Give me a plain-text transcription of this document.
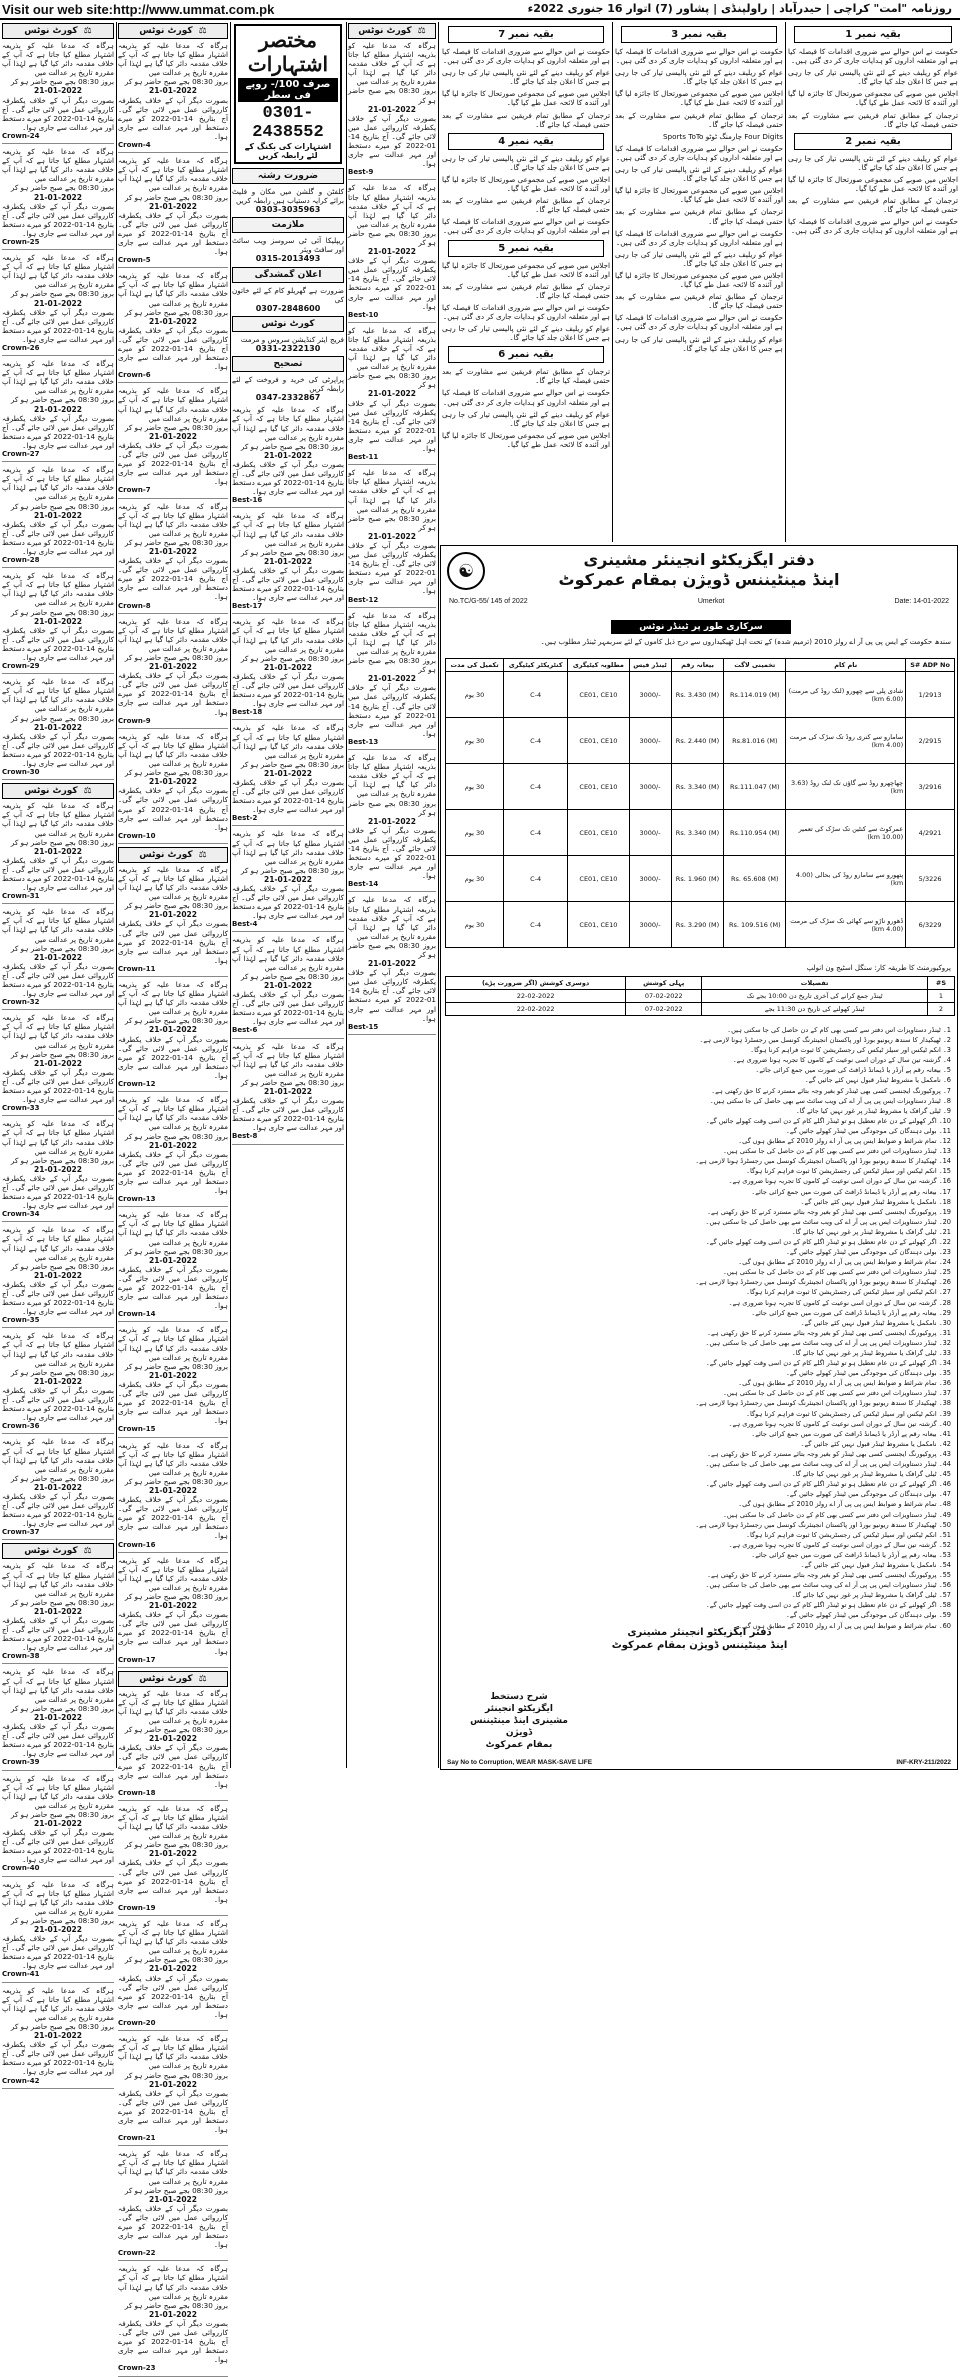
Visit our web site:http://www.ummat.com.pk	روزنامہ "امت" کراچی | حیدرآباد | راولپنڈی | پشاور (7) اتوار 16 جنوری 2022ء
⚖
کورٹ نوٹس
ہرگاہ کہ مدعا علیہ کو بذریعہ اشتہار مطلع کیا جاتا ہے کہ آپ کے خلاف مقدمہ دائر کیا گیا ہے لہٰذا آپ مقررہ تاریخ پر عدالت میں
بروز 08:30 بجے صبح حاضر ہو کر
21-01-2022
بصورت دیگر آپ کے خلاف یکطرفہ کارروائی عمل میں لائی جائے گی۔ آج بتاریخ 14-01-2022 کو میرے دستخط اور مہر عدالت سے جاری ہوا۔
Crown-24
ہرگاہ کہ مدعا علیہ کو بذریعہ اشتہار مطلع کیا جاتا ہے کہ آپ کے خلاف مقدمہ دائر کیا گیا ہے لہٰذا آپ مقررہ تاریخ پر عدالت میں
بروز 08:30 بجے صبح حاضر ہو کر
21-01-2022
بصورت دیگر آپ کے خلاف یکطرفہ کارروائی عمل میں لائی جائے گی۔ آج بتاریخ 14-01-2022 کو میرے دستخط اور مہر عدالت سے جاری ہوا۔
Crown-25
ہرگاہ کہ مدعا علیہ کو بذریعہ اشتہار مطلع کیا جاتا ہے کہ آپ کے خلاف مقدمہ دائر کیا گیا ہے لہٰذا آپ مقررہ تاریخ پر عدالت میں
بروز 08:30 بجے صبح حاضر ہو کر
21-01-2022
بصورت دیگر آپ کے خلاف یکطرفہ کارروائی عمل میں لائی جائے گی۔ آج بتاریخ 14-01-2022 کو میرے دستخط اور مہر عدالت سے جاری ہوا۔
Crown-26
ہرگاہ کہ مدعا علیہ کو بذریعہ اشتہار مطلع کیا جاتا ہے کہ آپ کے خلاف مقدمہ دائر کیا گیا ہے لہٰذا آپ مقررہ تاریخ پر عدالت میں
بروز 08:30 بجے صبح حاضر ہو کر
21-01-2022
بصورت دیگر آپ کے خلاف یکطرفہ کارروائی عمل میں لائی جائے گی۔ آج بتاریخ 14-01-2022 کو میرے دستخط اور مہر عدالت سے جاری ہوا۔
Crown-27
ہرگاہ کہ مدعا علیہ کو بذریعہ اشتہار مطلع کیا جاتا ہے کہ آپ کے خلاف مقدمہ دائر کیا گیا ہے لہٰذا آپ مقررہ تاریخ پر عدالت میں
بروز 08:30 بجے صبح حاضر ہو کر
21-01-2022
بصورت دیگر آپ کے خلاف یکطرفہ کارروائی عمل میں لائی جائے گی۔ آج بتاریخ 14-01-2022 کو میرے دستخط اور مہر عدالت سے جاری ہوا۔
Crown-28
ہرگاہ کہ مدعا علیہ کو بذریعہ اشتہار مطلع کیا جاتا ہے کہ آپ کے خلاف مقدمہ دائر کیا گیا ہے لہٰذا آپ مقررہ تاریخ پر عدالت میں
بروز 08:30 بجے صبح حاضر ہو کر
21-01-2022
بصورت دیگر آپ کے خلاف یکطرفہ کارروائی عمل میں لائی جائے گی۔ آج بتاریخ 14-01-2022 کو میرے دستخط اور مہر عدالت سے جاری ہوا۔
Crown-29
ہرگاہ کہ مدعا علیہ کو بذریعہ اشتہار مطلع کیا جاتا ہے کہ آپ کے خلاف مقدمہ دائر کیا گیا ہے لہٰذا آپ مقررہ تاریخ پر عدالت میں
بروز 08:30 بجے صبح حاضر ہو کر
21-01-2022
بصورت دیگر آپ کے خلاف یکطرفہ کارروائی عمل میں لائی جائے گی۔ آج بتاریخ 14-01-2022 کو میرے دستخط اور مہر عدالت سے جاری ہوا۔
Crown-30
⚖
کورٹ نوٹس
ہرگاہ کہ مدعا علیہ کو بذریعہ اشتہار مطلع کیا جاتا ہے کہ آپ کے خلاف مقدمہ دائر کیا گیا ہے لہٰذا آپ مقررہ تاریخ پر عدالت میں
بروز 08:30 بجے صبح حاضر ہو کر
21-01-2022
بصورت دیگر آپ کے خلاف یکطرفہ کارروائی عمل میں لائی جائے گی۔ آج بتاریخ 14-01-2022 کو میرے دستخط اور مہر عدالت سے جاری ہوا۔
Crown-31
ہرگاہ کہ مدعا علیہ کو بذریعہ اشتہار مطلع کیا جاتا ہے کہ آپ کے خلاف مقدمہ دائر کیا گیا ہے لہٰذا آپ مقررہ تاریخ پر عدالت میں
بروز 08:30 بجے صبح حاضر ہو کر
21-01-2022
بصورت دیگر آپ کے خلاف یکطرفہ کارروائی عمل میں لائی جائے گی۔ آج بتاریخ 14-01-2022 کو میرے دستخط اور مہر عدالت سے جاری ہوا۔
Crown-32
ہرگاہ کہ مدعا علیہ کو بذریعہ اشتہار مطلع کیا جاتا ہے کہ آپ کے خلاف مقدمہ دائر کیا گیا ہے لہٰذا آپ مقررہ تاریخ پر عدالت میں
بروز 08:30 بجے صبح حاضر ہو کر
21-01-2022
بصورت دیگر آپ کے خلاف یکطرفہ کارروائی عمل میں لائی جائے گی۔ آج بتاریخ 14-01-2022 کو میرے دستخط اور مہر عدالت سے جاری ہوا۔
Crown-33
ہرگاہ کہ مدعا علیہ کو بذریعہ اشتہار مطلع کیا جاتا ہے کہ آپ کے خلاف مقدمہ دائر کیا گیا ہے لہٰذا آپ مقررہ تاریخ پر عدالت میں
بروز 08:30 بجے صبح حاضر ہو کر
21-01-2022
بصورت دیگر آپ کے خلاف یکطرفہ کارروائی عمل میں لائی جائے گی۔ آج بتاریخ 14-01-2022 کو میرے دستخط اور مہر عدالت سے جاری ہوا۔
Crown-34
ہرگاہ کہ مدعا علیہ کو بذریعہ اشتہار مطلع کیا جاتا ہے کہ آپ کے خلاف مقدمہ دائر کیا گیا ہے لہٰذا آپ مقررہ تاریخ پر عدالت میں
بروز 08:30 بجے صبح حاضر ہو کر
21-01-2022
بصورت دیگر آپ کے خلاف یکطرفہ کارروائی عمل میں لائی جائے گی۔ آج بتاریخ 14-01-2022 کو میرے دستخط اور مہر عدالت سے جاری ہوا۔
Crown-35
ہرگاہ کہ مدعا علیہ کو بذریعہ اشتہار مطلع کیا جاتا ہے کہ آپ کے خلاف مقدمہ دائر کیا گیا ہے لہٰذا آپ مقررہ تاریخ پر عدالت میں
بروز 08:30 بجے صبح حاضر ہو کر
21-01-2022
بصورت دیگر آپ کے خلاف یکطرفہ کارروائی عمل میں لائی جائے گی۔ آج بتاریخ 14-01-2022 کو میرے دستخط اور مہر عدالت سے جاری ہوا۔
Crown-36
ہرگاہ کہ مدعا علیہ کو بذریعہ اشتہار مطلع کیا جاتا ہے کہ آپ کے خلاف مقدمہ دائر کیا گیا ہے لہٰذا آپ مقررہ تاریخ پر عدالت میں
بروز 08:30 بجے صبح حاضر ہو کر
21-01-2022
بصورت دیگر آپ کے خلاف یکطرفہ کارروائی عمل میں لائی جائے گی۔ آج بتاریخ 14-01-2022 کو میرے دستخط اور مہر عدالت سے جاری ہوا۔
Crown-37
⚖
کورٹ نوٹس
ہرگاہ کہ مدعا علیہ کو بذریعہ اشتہار مطلع کیا جاتا ہے کہ آپ کے خلاف مقدمہ دائر کیا گیا ہے لہٰذا آپ مقررہ تاریخ پر عدالت میں
بروز 08:30 بجے صبح حاضر ہو کر
21-01-2022
بصورت دیگر آپ کے خلاف یکطرفہ کارروائی عمل میں لائی جائے گی۔ آج بتاریخ 14-01-2022 کو میرے دستخط اور مہر عدالت سے جاری ہوا۔
Crown-38
ہرگاہ کہ مدعا علیہ کو بذریعہ اشتہار مطلع کیا جاتا ہے کہ آپ کے خلاف مقدمہ دائر کیا گیا ہے لہٰذا آپ مقررہ تاریخ پر عدالت میں
بروز 08:30 بجے صبح حاضر ہو کر
21-01-2022
بصورت دیگر آپ کے خلاف یکطرفہ کارروائی عمل میں لائی جائے گی۔ آج بتاریخ 14-01-2022 کو میرے دستخط اور مہر عدالت سے جاری ہوا۔
Crown-39
ہرگاہ کہ مدعا علیہ کو بذریعہ اشتہار مطلع کیا جاتا ہے کہ آپ کے خلاف مقدمہ دائر کیا گیا ہے لہٰذا آپ مقررہ تاریخ پر عدالت میں
بروز 08:30 بجے صبح حاضر ہو کر
21-01-2022
بصورت دیگر آپ کے خلاف یکطرفہ کارروائی عمل میں لائی جائے گی۔ آج بتاریخ 14-01-2022 کو میرے دستخط اور مہر عدالت سے جاری ہوا۔
Crown-40
ہرگاہ کہ مدعا علیہ کو بذریعہ اشتہار مطلع کیا جاتا ہے کہ آپ کے خلاف مقدمہ دائر کیا گیا ہے لہٰذا آپ مقررہ تاریخ پر عدالت میں
بروز 08:30 بجے صبح حاضر ہو کر
21-01-2022
بصورت دیگر آپ کے خلاف یکطرفہ کارروائی عمل میں لائی جائے گی۔ آج بتاریخ 14-01-2022 کو میرے دستخط اور مہر عدالت سے جاری ہوا۔
Crown-41
ہرگاہ کہ مدعا علیہ کو بذریعہ اشتہار مطلع کیا جاتا ہے کہ آپ کے خلاف مقدمہ دائر کیا گیا ہے لہٰذا آپ مقررہ تاریخ پر عدالت میں
بروز 08:30 بجے صبح حاضر ہو کر
21-01-2022
بصورت دیگر آپ کے خلاف یکطرفہ کارروائی عمل میں لائی جائے گی۔ آج بتاریخ 14-01-2022 کو میرے دستخط اور مہر عدالت سے جاری ہوا۔
Crown-42
⚖
کورٹ نوٹس
ہرگاہ کہ مدعا علیہ کو بذریعہ اشتہار مطلع کیا جاتا ہے کہ آپ کے خلاف مقدمہ دائر کیا گیا ہے لہٰذا آپ مقررہ تاریخ پر عدالت میں
بروز 08:30 بجے صبح حاضر ہو کر
21-01-2022
بصورت دیگر آپ کے خلاف یکطرفہ کارروائی عمل میں لائی جائے گی۔ آج بتاریخ 14-01-2022 کو میرے دستخط اور مہر عدالت سے جاری ہوا۔
Crown-4
ہرگاہ کہ مدعا علیہ کو بذریعہ اشتہار مطلع کیا جاتا ہے کہ آپ کے خلاف مقدمہ دائر کیا گیا ہے لہٰذا آپ مقررہ تاریخ پر عدالت میں
بروز 08:30 بجے صبح حاضر ہو کر
21-01-2022
بصورت دیگر آپ کے خلاف یکطرفہ کارروائی عمل میں لائی جائے گی۔ آج بتاریخ 14-01-2022 کو میرے دستخط اور مہر عدالت سے جاری ہوا۔
Crown-5
ہرگاہ کہ مدعا علیہ کو بذریعہ اشتہار مطلع کیا جاتا ہے کہ آپ کے خلاف مقدمہ دائر کیا گیا ہے لہٰذا آپ مقررہ تاریخ پر عدالت میں
بروز 08:30 بجے صبح حاضر ہو کر
21-01-2022
بصورت دیگر آپ کے خلاف یکطرفہ کارروائی عمل میں لائی جائے گی۔ آج بتاریخ 14-01-2022 کو میرے دستخط اور مہر عدالت سے جاری ہوا۔
Crown-6
ہرگاہ کہ مدعا علیہ کو بذریعہ اشتہار مطلع کیا جاتا ہے کہ آپ کے خلاف مقدمہ دائر کیا گیا ہے لہٰذا آپ مقررہ تاریخ پر عدالت میں
بروز 08:30 بجے صبح حاضر ہو کر
21-01-2022
بصورت دیگر آپ کے خلاف یکطرفہ کارروائی عمل میں لائی جائے گی۔ آج بتاریخ 14-01-2022 کو میرے دستخط اور مہر عدالت سے جاری ہوا۔
Crown-7
ہرگاہ کہ مدعا علیہ کو بذریعہ اشتہار مطلع کیا جاتا ہے کہ آپ کے خلاف مقدمہ دائر کیا گیا ہے لہٰذا آپ مقررہ تاریخ پر عدالت میں
بروز 08:30 بجے صبح حاضر ہو کر
21-01-2022
بصورت دیگر آپ کے خلاف یکطرفہ کارروائی عمل میں لائی جائے گی۔ آج بتاریخ 14-01-2022 کو میرے دستخط اور مہر عدالت سے جاری ہوا۔
Crown-8
ہرگاہ کہ مدعا علیہ کو بذریعہ اشتہار مطلع کیا جاتا ہے کہ آپ کے خلاف مقدمہ دائر کیا گیا ہے لہٰذا آپ مقررہ تاریخ پر عدالت میں
بروز 08:30 بجے صبح حاضر ہو کر
21-01-2022
بصورت دیگر آپ کے خلاف یکطرفہ کارروائی عمل میں لائی جائے گی۔ آج بتاریخ 14-01-2022 کو میرے دستخط اور مہر عدالت سے جاری ہوا۔
Crown-9
ہرگاہ کہ مدعا علیہ کو بذریعہ اشتہار مطلع کیا جاتا ہے کہ آپ کے خلاف مقدمہ دائر کیا گیا ہے لہٰذا آپ مقررہ تاریخ پر عدالت میں
بروز 08:30 بجے صبح حاضر ہو کر
21-01-2022
بصورت دیگر آپ کے خلاف یکطرفہ کارروائی عمل میں لائی جائے گی۔ آج بتاریخ 14-01-2022 کو میرے دستخط اور مہر عدالت سے جاری ہوا۔
Crown-10
⚖
کورٹ نوٹس
ہرگاہ کہ مدعا علیہ کو بذریعہ اشتہار مطلع کیا جاتا ہے کہ آپ کے خلاف مقدمہ دائر کیا گیا ہے لہٰذا آپ مقررہ تاریخ پر عدالت میں
بروز 08:30 بجے صبح حاضر ہو کر
21-01-2022
بصورت دیگر آپ کے خلاف یکطرفہ کارروائی عمل میں لائی جائے گی۔ آج بتاریخ 14-01-2022 کو میرے دستخط اور مہر عدالت سے جاری ہوا۔
Crown-11
ہرگاہ کہ مدعا علیہ کو بذریعہ اشتہار مطلع کیا جاتا ہے کہ آپ کے خلاف مقدمہ دائر کیا گیا ہے لہٰذا آپ مقررہ تاریخ پر عدالت میں
بروز 08:30 بجے صبح حاضر ہو کر
21-01-2022
بصورت دیگر آپ کے خلاف یکطرفہ کارروائی عمل میں لائی جائے گی۔ آج بتاریخ 14-01-2022 کو میرے دستخط اور مہر عدالت سے جاری ہوا۔
Crown-12
ہرگاہ کہ مدعا علیہ کو بذریعہ اشتہار مطلع کیا جاتا ہے کہ آپ کے خلاف مقدمہ دائر کیا گیا ہے لہٰذا آپ مقررہ تاریخ پر عدالت میں
بروز 08:30 بجے صبح حاضر ہو کر
21-01-2022
بصورت دیگر آپ کے خلاف یکطرفہ کارروائی عمل میں لائی جائے گی۔ آج بتاریخ 14-01-2022 کو میرے دستخط اور مہر عدالت سے جاری ہوا۔
Crown-13
ہرگاہ کہ مدعا علیہ کو بذریعہ اشتہار مطلع کیا جاتا ہے کہ آپ کے خلاف مقدمہ دائر کیا گیا ہے لہٰذا آپ مقررہ تاریخ پر عدالت میں
بروز 08:30 بجے صبح حاضر ہو کر
21-01-2022
بصورت دیگر آپ کے خلاف یکطرفہ کارروائی عمل میں لائی جائے گی۔ آج بتاریخ 14-01-2022 کو میرے دستخط اور مہر عدالت سے جاری ہوا۔
Crown-14
ہرگاہ کہ مدعا علیہ کو بذریعہ اشتہار مطلع کیا جاتا ہے کہ آپ کے خلاف مقدمہ دائر کیا گیا ہے لہٰذا آپ مقررہ تاریخ پر عدالت میں
بروز 08:30 بجے صبح حاضر ہو کر
21-01-2022
بصورت دیگر آپ کے خلاف یکطرفہ کارروائی عمل میں لائی جائے گی۔ آج بتاریخ 14-01-2022 کو میرے دستخط اور مہر عدالت سے جاری ہوا۔
Crown-15
ہرگاہ کہ مدعا علیہ کو بذریعہ اشتہار مطلع کیا جاتا ہے کہ آپ کے خلاف مقدمہ دائر کیا گیا ہے لہٰذا آپ مقررہ تاریخ پر عدالت میں
بروز 08:30 بجے صبح حاضر ہو کر
21-01-2022
بصورت دیگر آپ کے خلاف یکطرفہ کارروائی عمل میں لائی جائے گی۔ آج بتاریخ 14-01-2022 کو میرے دستخط اور مہر عدالت سے جاری ہوا۔
Crown-16
ہرگاہ کہ مدعا علیہ کو بذریعہ اشتہار مطلع کیا جاتا ہے کہ آپ کے خلاف مقدمہ دائر کیا گیا ہے لہٰذا آپ مقررہ تاریخ پر عدالت میں
بروز 08:30 بجے صبح حاضر ہو کر
21-01-2022
بصورت دیگر آپ کے خلاف یکطرفہ کارروائی عمل میں لائی جائے گی۔ آج بتاریخ 14-01-2022 کو میرے دستخط اور مہر عدالت سے جاری ہوا۔
Crown-17
⚖
کورٹ نوٹس
ہرگاہ کہ مدعا علیہ کو بذریعہ اشتہار مطلع کیا جاتا ہے کہ آپ کے خلاف مقدمہ دائر کیا گیا ہے لہٰذا آپ مقررہ تاریخ پر عدالت میں
بروز 08:30 بجے صبح حاضر ہو کر
21-01-2022
بصورت دیگر آپ کے خلاف یکطرفہ کارروائی عمل میں لائی جائے گی۔ آج بتاریخ 14-01-2022 کو میرے دستخط اور مہر عدالت سے جاری ہوا۔
Crown-18
ہرگاہ کہ مدعا علیہ کو بذریعہ اشتہار مطلع کیا جاتا ہے کہ آپ کے خلاف مقدمہ دائر کیا گیا ہے لہٰذا آپ مقررہ تاریخ پر عدالت میں
بروز 08:30 بجے صبح حاضر ہو کر
21-01-2022
بصورت دیگر آپ کے خلاف یکطرفہ کارروائی عمل میں لائی جائے گی۔ آج بتاریخ 14-01-2022 کو میرے دستخط اور مہر عدالت سے جاری ہوا۔
Crown-19
ہرگاہ کہ مدعا علیہ کو بذریعہ اشتہار مطلع کیا جاتا ہے کہ آپ کے خلاف مقدمہ دائر کیا گیا ہے لہٰذا آپ مقررہ تاریخ پر عدالت میں
بروز 08:30 بجے صبح حاضر ہو کر
21-01-2022
بصورت دیگر آپ کے خلاف یکطرفہ کارروائی عمل میں لائی جائے گی۔ آج بتاریخ 14-01-2022 کو میرے دستخط اور مہر عدالت سے جاری ہوا۔
Crown-20
ہرگاہ کہ مدعا علیہ کو بذریعہ اشتہار مطلع کیا جاتا ہے کہ آپ کے خلاف مقدمہ دائر کیا گیا ہے لہٰذا آپ مقررہ تاریخ پر عدالت میں
بروز 08:30 بجے صبح حاضر ہو کر
21-01-2022
بصورت دیگر آپ کے خلاف یکطرفہ کارروائی عمل میں لائی جائے گی۔ آج بتاریخ 14-01-2022 کو میرے دستخط اور مہر عدالت سے جاری ہوا۔
Crown-21
ہرگاہ کہ مدعا علیہ کو بذریعہ اشتہار مطلع کیا جاتا ہے کہ آپ کے خلاف مقدمہ دائر کیا گیا ہے لہٰذا آپ مقررہ تاریخ پر عدالت میں
بروز 08:30 بجے صبح حاضر ہو کر
21-01-2022
بصورت دیگر آپ کے خلاف یکطرفہ کارروائی عمل میں لائی جائے گی۔ آج بتاریخ 14-01-2022 کو میرے دستخط اور مہر عدالت سے جاری ہوا۔
Crown-22
ہرگاہ کہ مدعا علیہ کو بذریعہ اشتہار مطلع کیا جاتا ہے کہ آپ کے خلاف مقدمہ دائر کیا گیا ہے لہٰذا آپ مقررہ تاریخ پر عدالت میں
بروز 08:30 بجے صبح حاضر ہو کر
21-01-2022
بصورت دیگر آپ کے خلاف یکطرفہ کارروائی عمل میں لائی جائے گی۔ آج بتاریخ 14-01-2022 کو میرے دستخط اور مہر عدالت سے جاری ہوا۔
Crown-23
مختصر اشتہارات
صرف 100/- روپے فی سطر
0301-2438552
اشتہارات کی بکنگ کے لئے رابطہ کریں
ضرورت رشتہ
کلفٹن و گلشن میں مکان و فلیٹ برائے کرایہ دستیاب ہیں رابطہ کریں
0303-3035963
ملازمت
ریپلیکا آئی ٹی سروسز ویب سائٹ اور سافٹ ویئر
0315-2013493
اعلان گمشدگی
ضرورت ہے گھریلو کام کے لئے خاتون کی
0307-2848600
کورٹ نوٹس
فریج ایئر کنڈیشن سروس و مرمت
0331-2322130
تصحیح
پراپرٹی کی خرید و فروخت کے لئے رابطہ کریں
0347-2332867
ہرگاہ کہ مدعا علیہ کو بذریعہ اشتہار مطلع کیا جاتا ہے کہ آپ کے خلاف مقدمہ دائر کیا گیا ہے لہٰذا آپ مقررہ تاریخ پر عدالت میں
بروز 08:30 بجے صبح حاضر ہو کر
21-01-2022
بصورت دیگر آپ کے خلاف یکطرفہ کارروائی عمل میں لائی جائے گی۔ آج بتاریخ 14-01-2022 کو میرے دستخط اور مہر عدالت سے جاری ہوا۔
Best-16
ہرگاہ کہ مدعا علیہ کو بذریعہ اشتہار مطلع کیا جاتا ہے کہ آپ کے خلاف مقدمہ دائر کیا گیا ہے لہٰذا آپ مقررہ تاریخ پر عدالت میں
بروز 08:30 بجے صبح حاضر ہو کر
21-01-2022
بصورت دیگر آپ کے خلاف یکطرفہ کارروائی عمل میں لائی جائے گی۔ آج بتاریخ 14-01-2022 کو میرے دستخط اور مہر عدالت سے جاری ہوا۔
Best-17
ہرگاہ کہ مدعا علیہ کو بذریعہ اشتہار مطلع کیا جاتا ہے کہ آپ کے خلاف مقدمہ دائر کیا گیا ہے لہٰذا آپ مقررہ تاریخ پر عدالت میں
بروز 08:30 بجے صبح حاضر ہو کر
21-01-2022
بصورت دیگر آپ کے خلاف یکطرفہ کارروائی عمل میں لائی جائے گی۔ آج بتاریخ 14-01-2022 کو میرے دستخط اور مہر عدالت سے جاری ہوا۔
Best-18
ہرگاہ کہ مدعا علیہ کو بذریعہ اشتہار مطلع کیا جاتا ہے کہ آپ کے خلاف مقدمہ دائر کیا گیا ہے لہٰذا آپ مقررہ تاریخ پر عدالت میں
بروز 08:30 بجے صبح حاضر ہو کر
21-01-2022
بصورت دیگر آپ کے خلاف یکطرفہ کارروائی عمل میں لائی جائے گی۔ آج بتاریخ 14-01-2022 کو میرے دستخط اور مہر عدالت سے جاری ہوا۔
Best-2
ہرگاہ کہ مدعا علیہ کو بذریعہ اشتہار مطلع کیا جاتا ہے کہ آپ کے خلاف مقدمہ دائر کیا گیا ہے لہٰذا آپ مقررہ تاریخ پر عدالت میں
بروز 08:30 بجے صبح حاضر ہو کر
21-01-2022
بصورت دیگر آپ کے خلاف یکطرفہ کارروائی عمل میں لائی جائے گی۔ آج بتاریخ 14-01-2022 کو میرے دستخط اور مہر عدالت سے جاری ہوا۔
Best-4
ہرگاہ کہ مدعا علیہ کو بذریعہ اشتہار مطلع کیا جاتا ہے کہ آپ کے خلاف مقدمہ دائر کیا گیا ہے لہٰذا آپ مقررہ تاریخ پر عدالت میں
بروز 08:30 بجے صبح حاضر ہو کر
21-01-2022
بصورت دیگر آپ کے خلاف یکطرفہ کارروائی عمل میں لائی جائے گی۔ آج بتاریخ 14-01-2022 کو میرے دستخط اور مہر عدالت سے جاری ہوا۔
Best-6
ہرگاہ کہ مدعا علیہ کو بذریعہ اشتہار مطلع کیا جاتا ہے کہ آپ کے خلاف مقدمہ دائر کیا گیا ہے لہٰذا آپ مقررہ تاریخ پر عدالت میں
بروز 08:30 بجے صبح حاضر ہو کر
21-01-2022
بصورت دیگر آپ کے خلاف یکطرفہ کارروائی عمل میں لائی جائے گی۔ آج بتاریخ 14-01-2022 کو میرے دستخط اور مہر عدالت سے جاری ہوا۔
Best-8
⚖
کورٹ نوٹس
ہرگاہ کہ مدعا علیہ کو بذریعہ اشتہار مطلع کیا جاتا ہے کہ آپ کے خلاف مقدمہ دائر کیا گیا ہے لہٰذا آپ مقررہ تاریخ پر عدالت میں
بروز 08:30 بجے صبح حاضر ہو کر
21-01-2022
بصورت دیگر آپ کے خلاف یکطرفہ کارروائی عمل میں لائی جائے گی۔ آج بتاریخ 14-01-2022 کو میرے دستخط اور مہر عدالت سے جاری ہوا۔
Best-9
ہرگاہ کہ مدعا علیہ کو بذریعہ اشتہار مطلع کیا جاتا ہے کہ آپ کے خلاف مقدمہ دائر کیا گیا ہے لہٰذا آپ مقررہ تاریخ پر عدالت میں
بروز 08:30 بجے صبح حاضر ہو کر
21-01-2022
بصورت دیگر آپ کے خلاف یکطرفہ کارروائی عمل میں لائی جائے گی۔ آج بتاریخ 14-01-2022 کو میرے دستخط اور مہر عدالت سے جاری ہوا۔
Best-10
ہرگاہ کہ مدعا علیہ کو بذریعہ اشتہار مطلع کیا جاتا ہے کہ آپ کے خلاف مقدمہ دائر کیا گیا ہے لہٰذا آپ مقررہ تاریخ پر عدالت میں
بروز 08:30 بجے صبح حاضر ہو کر
21-01-2022
بصورت دیگر آپ کے خلاف یکطرفہ کارروائی عمل میں لائی جائے گی۔ آج بتاریخ 14-01-2022 کو میرے دستخط اور مہر عدالت سے جاری ہوا۔
Best-11
ہرگاہ کہ مدعا علیہ کو بذریعہ اشتہار مطلع کیا جاتا ہے کہ آپ کے خلاف مقدمہ دائر کیا گیا ہے لہٰذا آپ مقررہ تاریخ پر عدالت میں
بروز 08:30 بجے صبح حاضر ہو کر
21-01-2022
بصورت دیگر آپ کے خلاف یکطرفہ کارروائی عمل میں لائی جائے گی۔ آج بتاریخ 14-01-2022 کو میرے دستخط اور مہر عدالت سے جاری ہوا۔
Best-12
ہرگاہ کہ مدعا علیہ کو بذریعہ اشتہار مطلع کیا جاتا ہے کہ آپ کے خلاف مقدمہ دائر کیا گیا ہے لہٰذا آپ مقررہ تاریخ پر عدالت میں
بروز 08:30 بجے صبح حاضر ہو کر
21-01-2022
بصورت دیگر آپ کے خلاف یکطرفہ کارروائی عمل میں لائی جائے گی۔ آج بتاریخ 14-01-2022 کو میرے دستخط اور مہر عدالت سے جاری ہوا۔
Best-13
ہرگاہ کہ مدعا علیہ کو بذریعہ اشتہار مطلع کیا جاتا ہے کہ آپ کے خلاف مقدمہ دائر کیا گیا ہے لہٰذا آپ مقررہ تاریخ پر عدالت میں
بروز 08:30 بجے صبح حاضر ہو کر
21-01-2022
بصورت دیگر آپ کے خلاف یکطرفہ کارروائی عمل میں لائی جائے گی۔ آج بتاریخ 14-01-2022 کو میرے دستخط اور مہر عدالت سے جاری ہوا۔
Best-14
ہرگاہ کہ مدعا علیہ کو بذریعہ اشتہار مطلع کیا جاتا ہے کہ آپ کے خلاف مقدمہ دائر کیا گیا ہے لہٰذا آپ مقررہ تاریخ پر عدالت میں
بروز 08:30 بجے صبح حاضر ہو کر
21-01-2022
بصورت دیگر آپ کے خلاف یکطرفہ کارروائی عمل میں لائی جائے گی۔ آج بتاریخ 14-01-2022 کو میرے دستخط اور مہر عدالت سے جاری ہوا۔
Best-15
بقیہ نمبر 7

حکومت نے اس حوالے سے ضروری اقدامات کا فیصلہ کیا ہے اور متعلقہ اداروں کو ہدایات جاری کر دی گئی ہیں۔

عوام کو ریلیف دینے کے لئے نئی پالیسی تیار کی جا رہی ہے جس کا اعلان جلد کیا جائے گا۔

اجلاس میں صوبے کی مجموعی صورتحال کا جائزہ لیا گیا اور آئندہ کا لائحہ عمل طے کیا گیا۔

ترجمان کے مطابق تمام فریقین سے مشاورت کے بعد حتمی فیصلہ کیا جائے گا۔

بقیہ نمبر 4

عوام کو ریلیف دینے کے لئے نئی پالیسی تیار کی جا رہی ہے جس کا اعلان جلد کیا جائے گا۔

اجلاس میں صوبے کی مجموعی صورتحال کا جائزہ لیا گیا اور آئندہ کا لائحہ عمل طے کیا گیا۔

ترجمان کے مطابق تمام فریقین سے مشاورت کے بعد حتمی فیصلہ کیا جائے گا۔

حکومت نے اس حوالے سے ضروری اقدامات کا فیصلہ کیا ہے اور متعلقہ اداروں کو ہدایات جاری کر دی گئی ہیں۔

بقیہ نمبر 5

اجلاس میں صوبے کی مجموعی صورتحال کا جائزہ لیا گیا اور آئندہ کا لائحہ عمل طے کیا گیا۔

ترجمان کے مطابق تمام فریقین سے مشاورت کے بعد حتمی فیصلہ کیا جائے گا۔

حکومت نے اس حوالے سے ضروری اقدامات کا فیصلہ کیا ہے اور متعلقہ اداروں کو ہدایات جاری کر دی گئی ہیں۔

عوام کو ریلیف دینے کے لئے نئی پالیسی تیار کی جا رہی ہے جس کا اعلان جلد کیا جائے گا۔

بقیہ نمبر 6

ترجمان کے مطابق تمام فریقین سے مشاورت کے بعد حتمی فیصلہ کیا جائے گا۔

حکومت نے اس حوالے سے ضروری اقدامات کا فیصلہ کیا ہے اور متعلقہ اداروں کو ہدایات جاری کر دی گئی ہیں۔

عوام کو ریلیف دینے کے لئے نئی پالیسی تیار کی جا رہی ہے جس کا اعلان جلد کیا جائے گا۔

اجلاس میں صوبے کی مجموعی صورتحال کا جائزہ لیا گیا اور آئندہ کا لائحہ عمل طے کیا گیا۔

بقیہ نمبر 3

حکومت نے اس حوالے سے ضروری اقدامات کا فیصلہ کیا ہے اور متعلقہ اداروں کو ہدایات جاری کر دی گئی ہیں۔

عوام کو ریلیف دینے کے لئے نئی پالیسی تیار کی جا رہی ہے جس کا اعلان جلد کیا جائے گا۔

اجلاس میں صوبے کی مجموعی صورتحال کا جائزہ لیا گیا اور آئندہ کا لائحہ عمل طے کیا گیا۔

ترجمان کے مطابق تمام فریقین سے مشاورت کے بعد حتمی فیصلہ کیا جائے گا۔

Four Digits چارمنگ ٹوٹو Sports ToTo

حکومت نے اس حوالے سے ضروری اقدامات کا فیصلہ کیا ہے اور متعلقہ اداروں کو ہدایات جاری کر دی گئی ہیں۔

عوام کو ریلیف دینے کے لئے نئی پالیسی تیار کی جا رہی ہے جس کا اعلان جلد کیا جائے گا۔

اجلاس میں صوبے کی مجموعی صورتحال کا جائزہ لیا گیا اور آئندہ کا لائحہ عمل طے کیا گیا۔

ترجمان کے مطابق تمام فریقین سے مشاورت کے بعد حتمی فیصلہ کیا جائے گا۔

حکومت نے اس حوالے سے ضروری اقدامات کا فیصلہ کیا ہے اور متعلقہ اداروں کو ہدایات جاری کر دی گئی ہیں۔

عوام کو ریلیف دینے کے لئے نئی پالیسی تیار کی جا رہی ہے جس کا اعلان جلد کیا جائے گا۔

اجلاس میں صوبے کی مجموعی صورتحال کا جائزہ لیا گیا اور آئندہ کا لائحہ عمل طے کیا گیا۔

ترجمان کے مطابق تمام فریقین سے مشاورت کے بعد حتمی فیصلہ کیا جائے گا۔

حکومت نے اس حوالے سے ضروری اقدامات کا فیصلہ کیا ہے اور متعلقہ اداروں کو ہدایات جاری کر دی گئی ہیں۔

عوام کو ریلیف دینے کے لئے نئی پالیسی تیار کی جا رہی ہے جس کا اعلان جلد کیا جائے گا۔

بقیہ نمبر 1

حکومت نے اس حوالے سے ضروری اقدامات کا فیصلہ کیا ہے اور متعلقہ اداروں کو ہدایات جاری کر دی گئی ہیں۔

عوام کو ریلیف دینے کے لئے نئی پالیسی تیار کی جا رہی ہے جس کا اعلان جلد کیا جائے گا۔

اجلاس میں صوبے کی مجموعی صورتحال کا جائزہ لیا گیا اور آئندہ کا لائحہ عمل طے کیا گیا۔

ترجمان کے مطابق تمام فریقین سے مشاورت کے بعد حتمی فیصلہ کیا جائے گا۔

بقیہ نمبر 2

عوام کو ریلیف دینے کے لئے نئی پالیسی تیار کی جا رہی ہے جس کا اعلان جلد کیا جائے گا۔

اجلاس میں صوبے کی مجموعی صورتحال کا جائزہ لیا گیا اور آئندہ کا لائحہ عمل طے کیا گیا۔

ترجمان کے مطابق تمام فریقین سے مشاورت کے بعد حتمی فیصلہ کیا جائے گا۔

حکومت نے اس حوالے سے ضروری اقدامات کا فیصلہ کیا ہے اور متعلقہ اداروں کو ہدایات جاری کر دی گئی ہیں۔

☯
دفتر ایگزیکٹو انجینئر مشینری
اینڈ مینٹیننس ڈویژن بمقام عمرکوٹ
No.TC/G-55/ 145 of 2022	Umerkot	Date: 14-01-2022
سرکاری طور پر ٹینڈر نوٹس
سندھ حکومت کے ایس پی پی آر اے رولز 2010 (ترمیم شدہ) کے تحت اہل ٹھیکیداروں سے درج ذیل کاموں کے لئے سربمہر ٹینڈر مطلوب ہیں۔
S# ADP No	نام کام	تخمینی لاگت	بیعانہ رقم	ٹینڈر فیس	مطلوبہ کیٹیگری	کنٹریکٹر کیٹیگری	تکمیل کی مدت
1/2913	شادی پلی سے چھورو (لنک روڈ کی مرمت) (6.00 km)	Rs.114.019 (M)	Rs. 3.430 (M)	3000/-	CE01, CE10	C-4	30 یوم
2/2915	سامارو سے کنری روڈ تک سڑک کی مرمت (4.00 km)	Rs.81.016 (M)	Rs. 2.440 (M)	3000/-	CE01, CE10	C-4	30 یوم
3/2916	چھاچھرو روڈ سے گاؤں تک لنک روڈ (3.63 km)	Rs.111.047 (M)	Rs. 3.340 (M)	3000/-	CE01, CE10	C-4	30 یوم
4/2921	عمرکوٹ سے کنٹین تک سڑک کی تعمیر (10.00 km)	Rs.110.954 (M)	Rs. 3.340 (M)	3000/-	CE01, CE10	C-4	30 یوم
5/3226	پتھورو سے سامارو روڈ کی بحالی (4.00 km)	Rs. 65.608 (M)	Rs. 1.960 (M)	3000/-	CE01, CE10	C-4	30 یوم
6/3229	ڈھورو ناڑو سے کھائی تک سڑک کی مرمت (4.00 km)	Rs. 109.516 (M)	Rs. 3.290 (M)	3000/-	CE01, CE10	C-4	30 یوم
پروکیورمنٹ کا طریقہ کار: سنگل اسٹیج ون انولپ
S#	تفصیلات	پہلی کوشش	دوسری کوشش (اگر ضرورت پڑے)
1	ٹینڈر جمع کرانے کی آخری تاریخ دن 10:00 بجے تک	07-02-2022	22-02-2022
2	ٹینڈر کھولنے کی تاریخ دن 11:30 بجے	07-02-2022	22-02-2022

1۔ ٹینڈر دستاویزات اس دفتر سے کسی بھی کام کے دن حاصل کی جا سکتی ہیں۔

2۔ ٹھیکیدار کا سندھ ریونیو بورڈ اور پاکستان انجینئرنگ کونسل میں رجسٹرڈ ہونا لازمی ہے۔

3۔ انکم ٹیکس اور سیلز ٹیکس کی رجسٹریشن کا ثبوت فراہم کرنا ہوگا۔

4۔ گزشتہ تین سال کے دوران اسی نوعیت کے کاموں کا تجربہ ہونا ضروری ہے۔

5۔ بیعانہ رقم پے آرڈر یا ڈیمانڈ ڈرافٹ کی صورت میں جمع کرائی جائے۔

6۔ نامکمل یا مشروط ٹینڈر قبول نہیں کئے جائیں گے۔

7۔ پروکیورنگ ایجنسی کسی بھی ٹینڈر کو بغیر وجہ بتائے مسترد کرنے کا حق رکھتی ہے۔

8۔ ٹینڈر دستاویزات ایس پی پی آر اے کی ویب سائٹ سے بھی حاصل کی جا سکتی ہیں۔

9۔ ٹیلی گرافک یا مشروط ٹینڈر پر غور نہیں کیا جائے گا۔

10۔ اگر کھولنے کے دن عام تعطیل ہو تو ٹینڈر اگلے کام کے دن اسی وقت کھولے جائیں گے۔

11۔ بولی دہندگان کی موجودگی میں ٹینڈر کھولے جائیں گے۔

12۔ تمام شرائط و ضوابط ایس پی پی آر اے رولز 2010 کے مطابق ہوں گی۔

13۔ ٹینڈر دستاویزات اس دفتر سے کسی بھی کام کے دن حاصل کی جا سکتی ہیں۔

14۔ ٹھیکیدار کا سندھ ریونیو بورڈ اور پاکستان انجینئرنگ کونسل میں رجسٹرڈ ہونا لازمی ہے۔

15۔ انکم ٹیکس اور سیلز ٹیکس کی رجسٹریشن کا ثبوت فراہم کرنا ہوگا۔

16۔ گزشتہ تین سال کے دوران اسی نوعیت کے کاموں کا تجربہ ہونا ضروری ہے۔

17۔ بیعانہ رقم پے آرڈر یا ڈیمانڈ ڈرافٹ کی صورت میں جمع کرائی جائے۔

18۔ نامکمل یا مشروط ٹینڈر قبول نہیں کئے جائیں گے۔

19۔ پروکیورنگ ایجنسی کسی بھی ٹینڈر کو بغیر وجہ بتائے مسترد کرنے کا حق رکھتی ہے۔

20۔ ٹینڈر دستاویزات ایس پی پی آر اے کی ویب سائٹ سے بھی حاصل کی جا سکتی ہیں۔

21۔ ٹیلی گرافک یا مشروط ٹینڈر پر غور نہیں کیا جائے گا۔

22۔ اگر کھولنے کے دن عام تعطیل ہو تو ٹینڈر اگلے کام کے دن اسی وقت کھولے جائیں گے۔

23۔ بولی دہندگان کی موجودگی میں ٹینڈر کھولے جائیں گے۔

24۔ تمام شرائط و ضوابط ایس پی پی آر اے رولز 2010 کے مطابق ہوں گی۔

25۔ ٹینڈر دستاویزات اس دفتر سے کسی بھی کام کے دن حاصل کی جا سکتی ہیں۔

26۔ ٹھیکیدار کا سندھ ریونیو بورڈ اور پاکستان انجینئرنگ کونسل میں رجسٹرڈ ہونا لازمی ہے۔

27۔ انکم ٹیکس اور سیلز ٹیکس کی رجسٹریشن کا ثبوت فراہم کرنا ہوگا۔

28۔ گزشتہ تین سال کے دوران اسی نوعیت کے کاموں کا تجربہ ہونا ضروری ہے۔

29۔ بیعانہ رقم پے آرڈر یا ڈیمانڈ ڈرافٹ کی صورت میں جمع کرائی جائے۔

30۔ نامکمل یا مشروط ٹینڈر قبول نہیں کئے جائیں گے۔

31۔ پروکیورنگ ایجنسی کسی بھی ٹینڈر کو بغیر وجہ بتائے مسترد کرنے کا حق رکھتی ہے۔

32۔ ٹینڈر دستاویزات ایس پی پی آر اے کی ویب سائٹ سے بھی حاصل کی جا سکتی ہیں۔

33۔ ٹیلی گرافک یا مشروط ٹینڈر پر غور نہیں کیا جائے گا۔

34۔ اگر کھولنے کے دن عام تعطیل ہو تو ٹینڈر اگلے کام کے دن اسی وقت کھولے جائیں گے۔

35۔ بولی دہندگان کی موجودگی میں ٹینڈر کھولے جائیں گے۔

36۔ تمام شرائط و ضوابط ایس پی پی آر اے رولز 2010 کے مطابق ہوں گی۔

37۔ ٹینڈر دستاویزات اس دفتر سے کسی بھی کام کے دن حاصل کی جا سکتی ہیں۔

38۔ ٹھیکیدار کا سندھ ریونیو بورڈ اور پاکستان انجینئرنگ کونسل میں رجسٹرڈ ہونا لازمی ہے۔

39۔ انکم ٹیکس اور سیلز ٹیکس کی رجسٹریشن کا ثبوت فراہم کرنا ہوگا۔

40۔ گزشتہ تین سال کے دوران اسی نوعیت کے کاموں کا تجربہ ہونا ضروری ہے۔

41۔ بیعانہ رقم پے آرڈر یا ڈیمانڈ ڈرافٹ کی صورت میں جمع کرائی جائے۔

42۔ نامکمل یا مشروط ٹینڈر قبول نہیں کئے جائیں گے۔

43۔ پروکیورنگ ایجنسی کسی بھی ٹینڈر کو بغیر وجہ بتائے مسترد کرنے کا حق رکھتی ہے۔

44۔ ٹینڈر دستاویزات ایس پی پی آر اے کی ویب سائٹ سے بھی حاصل کی جا سکتی ہیں۔

45۔ ٹیلی گرافک یا مشروط ٹینڈر پر غور نہیں کیا جائے گا۔

46۔ اگر کھولنے کے دن عام تعطیل ہو تو ٹینڈر اگلے کام کے دن اسی وقت کھولے جائیں گے۔

47۔ بولی دہندگان کی موجودگی میں ٹینڈر کھولے جائیں گے۔

48۔ تمام شرائط و ضوابط ایس پی پی آر اے رولز 2010 کے مطابق ہوں گی۔

49۔ ٹینڈر دستاویزات اس دفتر سے کسی بھی کام کے دن حاصل کی جا سکتی ہیں۔

50۔ ٹھیکیدار کا سندھ ریونیو بورڈ اور پاکستان انجینئرنگ کونسل میں رجسٹرڈ ہونا لازمی ہے۔

51۔ انکم ٹیکس اور سیلز ٹیکس کی رجسٹریشن کا ثبوت فراہم کرنا ہوگا۔

52۔ گزشتہ تین سال کے دوران اسی نوعیت کے کاموں کا تجربہ ہونا ضروری ہے۔

53۔ بیعانہ رقم پے آرڈر یا ڈیمانڈ ڈرافٹ کی صورت میں جمع کرائی جائے۔

54۔ نامکمل یا مشروط ٹینڈر قبول نہیں کئے جائیں گے۔

55۔ پروکیورنگ ایجنسی کسی بھی ٹینڈر کو بغیر وجہ بتائے مسترد کرنے کا حق رکھتی ہے۔

56۔ ٹینڈر دستاویزات ایس پی پی آر اے کی ویب سائٹ سے بھی حاصل کی جا سکتی ہیں۔

57۔ ٹیلی گرافک یا مشروط ٹینڈر پر غور نہیں کیا جائے گا۔

58۔ اگر کھولنے کے دن عام تعطیل ہو تو ٹینڈر اگلے کام کے دن اسی وقت کھولے جائیں گے۔

59۔ بولی دہندگان کی موجودگی میں ٹینڈر کھولے جائیں گے۔

60۔ تمام شرائط و ضوابط ایس پی پی آر اے رولز 2010 کے مطابق ہوں گی۔

دفتر ایگزیکٹو انجینئر مشینری
اینڈ مینٹیننس ڈویژن بمقام عمرکوٹ
شرح دستخط
ایگزیکٹو انجینئر
مشینری اینڈ مینٹیننس ڈویژن
بمقام عمرکوٹ
Say No to Corruption, WEAR MASK-SAVE LIFE	INF-KRY-211/2022
